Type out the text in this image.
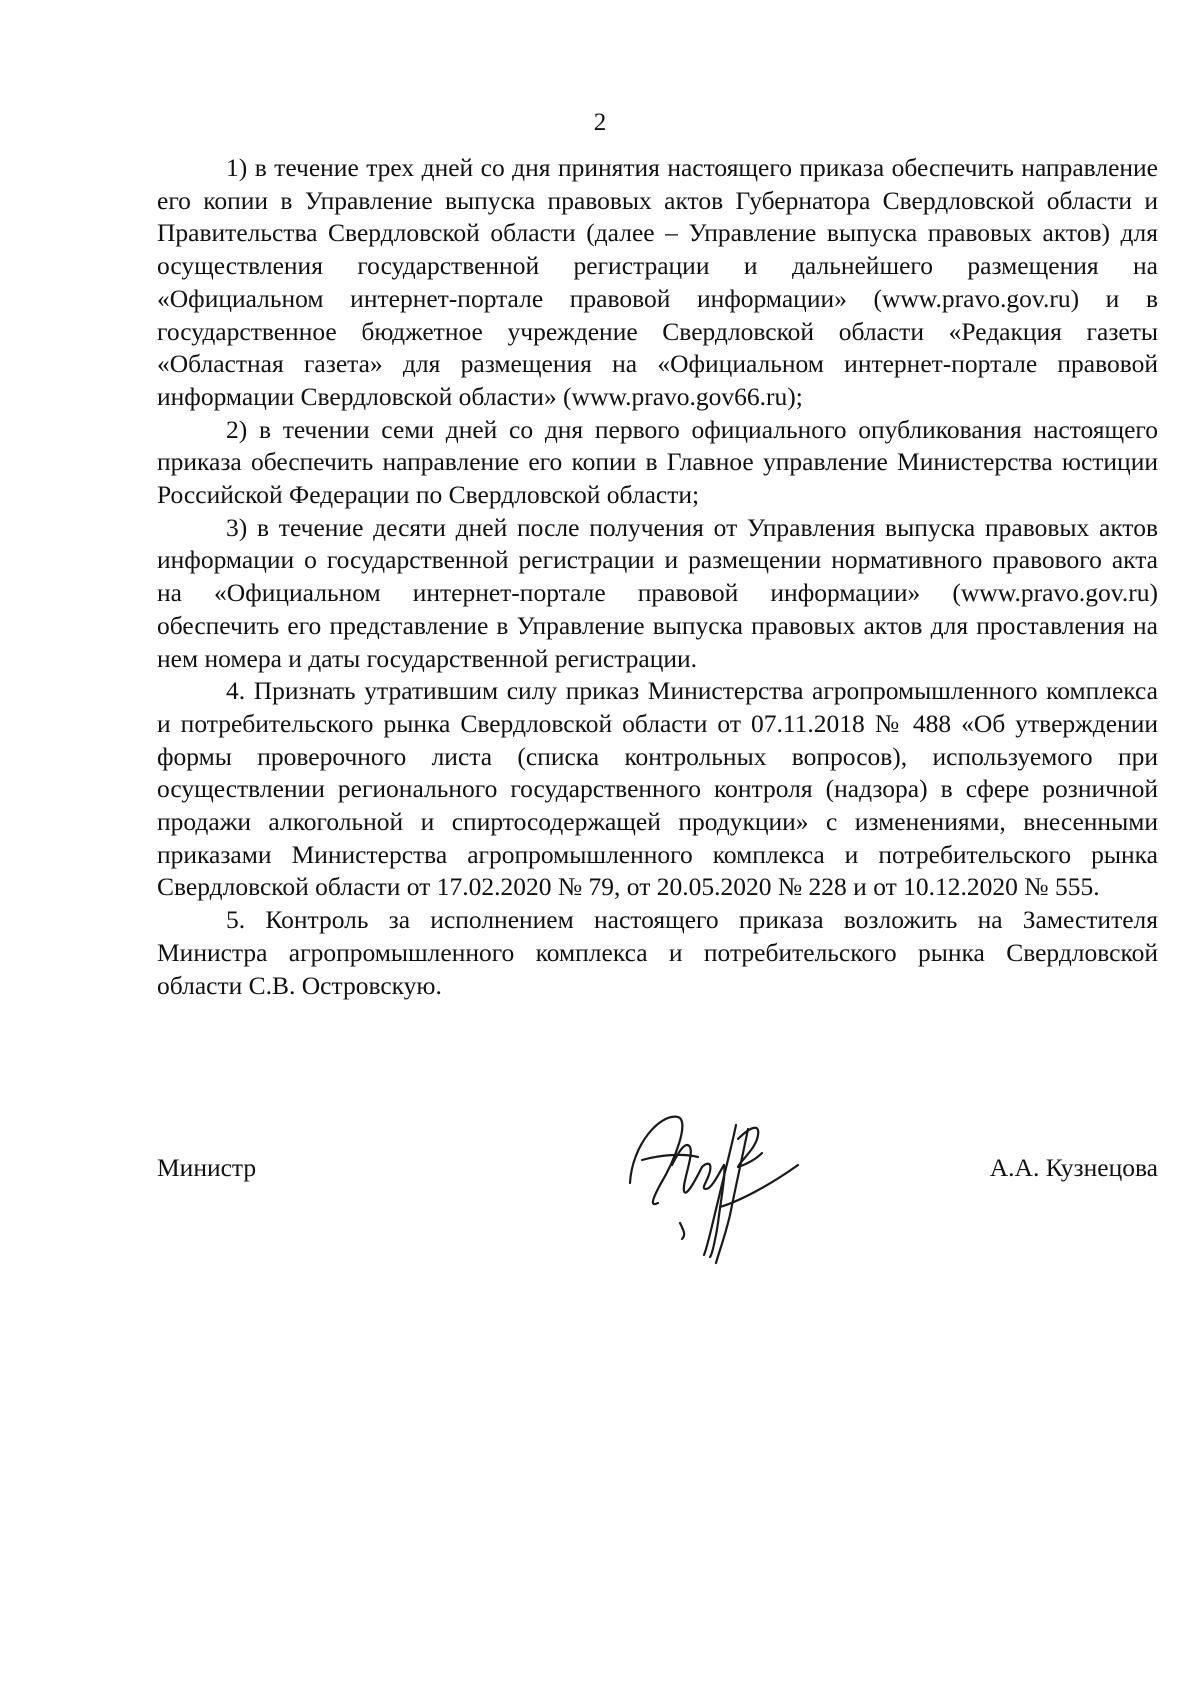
2

1) в течение трех дней со дня принятия настоящего приказа обеспечить направление его копии в Управление выпуска правовых актов Губернатора Свердловской области и Правительства Свердловской области (далее – Управление выпуска правовых актов) для осуществления государственной регистрации и дальнейшего размещения на «Официальном интернет-портале правовой информации» (www.pravo.gov.ru) и в государственное бюджетное учреждение Свердловской области «Редакция газеты «Областная газета» для размещения на «Официальном интернет-портале правовой информации Свердловской области» (www.pravo.gov66.ru);

2) в течении семи дней со дня первого официального опубликования настоящего приказа обеспечить направление его копии в Главное управление Министерства юстиции Российской Федерации по Свердловской области;

3) в течение десяти дней после получения от Управления выпуска правовых актов информации о государственной регистрации и размещении нормативного правового акта на «Официальном интернет-портале правовой информации» (www.pravo.gov.ru) обеспечить его представление в Управление выпуска правовых актов для проставления на нем номера и даты государственной регистрации.

4. Признать утратившим силу приказ Министерства агропромышленного комплекса и потребительского рынка Свердловской области от 07.11.2018 № 488 «Об утверждении формы проверочного листа (списка контрольных вопросов), используемого при осуществлении регионального государственного контроля (надзора) в сфере розничной продажи алкогольной и спиртосодержащей продукции» с изменениями, внесенными приказами Министерства агропромышленного комплекса и потребительского рынка Свердловской области от 17.02.2020 № 79, от 20.05.2020 № 228 и от 10.12.2020 № 555.

5. Контроль за исполнением настоящего приказа возложить на Заместителя Министра агропромышленного комплекса и потребительского рынка Свердловской области С.В. Островскую.

Министр	А.А. Кузнецова
